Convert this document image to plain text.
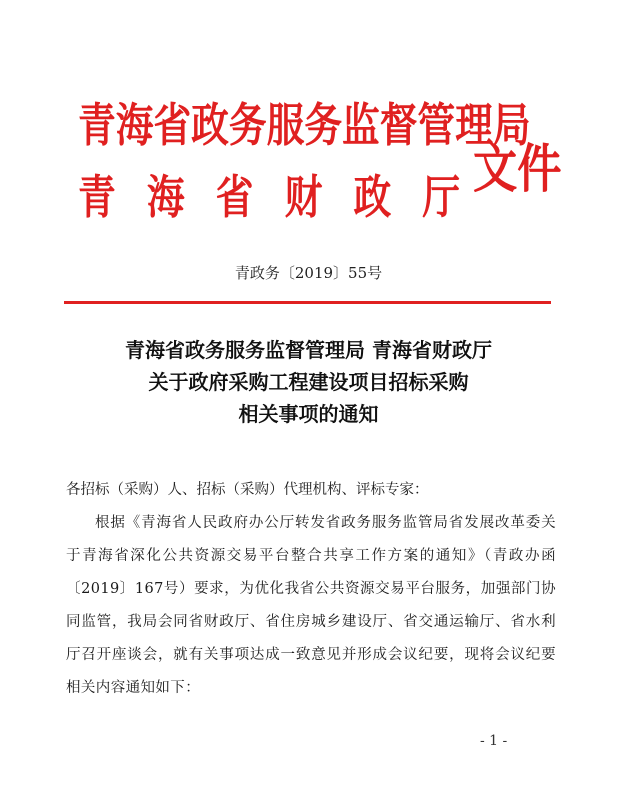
青海省政务服务监督管理局
青海省财政厅
文件
青政务〔2019〕55号
青海省政务服务监督管理局 青海省财政厅
关于政府采购工程建设项目招标采购
相关事项的通知
各招标（采购）人、招标（采购）代理机构、评标专家：
根据《青海省人民政府办公厅转发省政务服务监管局省发展改革委关于青海省深化公共资源交易平台整合共享工作方案的通知》（青政办函〔2019〕167号）要求，为优化我省公共资源交易平台服务，加强部门协同监管，我局会同省财政厅、省住房城乡建设厅、省交通运输厅、省水利厅召开座谈会，就有关事项达成一致意见并形成会议纪要，现将会议纪要相关内容通知如下：
- 1 -
